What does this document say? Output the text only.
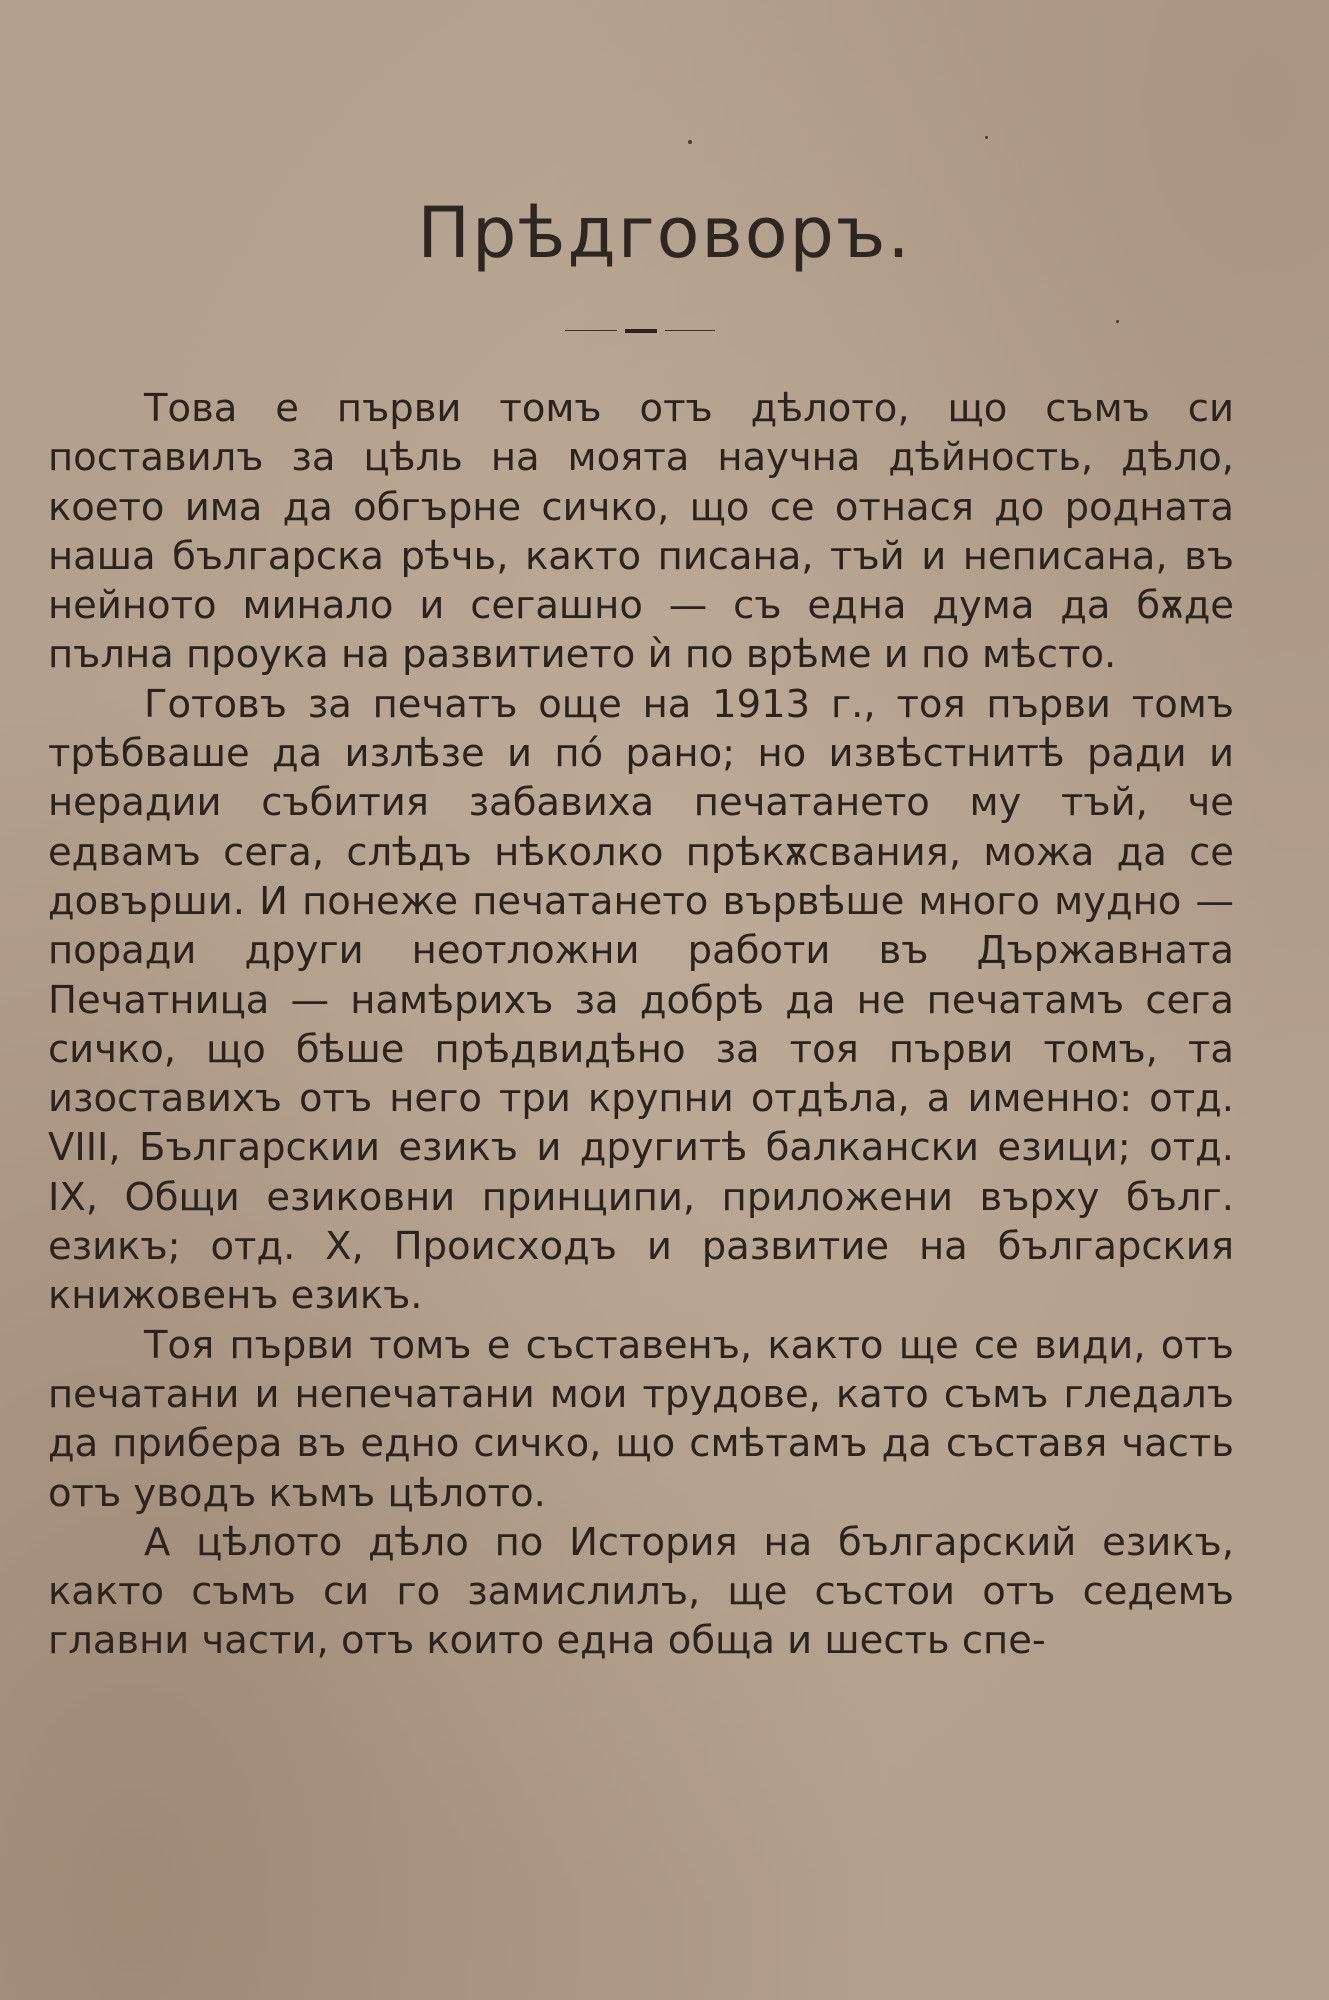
Прѣдговоръ.

Това е първи томъ отъ дѣлото, що съмъ си поставилъ за цѣль на моята научна дѣйность, дѣло, което има да обгърне сичко, що се отнася до родната наша българска рѣчь, както писана, тъй и неписана, въ нейното минало и сегашно — съ една дума да бѫде пълна проука на развитието ѝ по врѣме и по мѣсто.

Готовъ за печатъ още на 1913 г., тоя първи томъ трѣбваше да излѣзе и по́ рано; но извѣстнитѣ ради и нерадии събития забавиха печатането му тъй, че едвамъ сега, слѣдъ нѣколко прѣкѫсвания, можа да се довърши. И понеже печатането вървѣше много мудно — поради други неотложни работи въ Държавната Печатница — намѣрихъ за добрѣ да не печатамъ сега сичко, що бѣше прѣдвидѣно за тоя първи томъ, та изоставихъ отъ него три крупни отдѣла, а именно: отд. VIII, Българскии езикъ и другитѣ балкански езици; отд. IX, Общи езиковни принципи, приложени върху бълг. езикъ; отд. X, Происходъ и развитие на българския книжовенъ езикъ.

Тоя първи томъ е съставенъ, както ще се види, отъ печатани и непечатани мои трудове, като съмъ гледалъ да прибера въ едно сичко, що смѣтамъ да съставя часть отъ уводъ къмъ цѣлото.

А цѣлото дѣло по История на българский езикъ, както съмъ си го замислилъ, ще състои отъ седемъ главни части, отъ които една обща и шесть спе-
